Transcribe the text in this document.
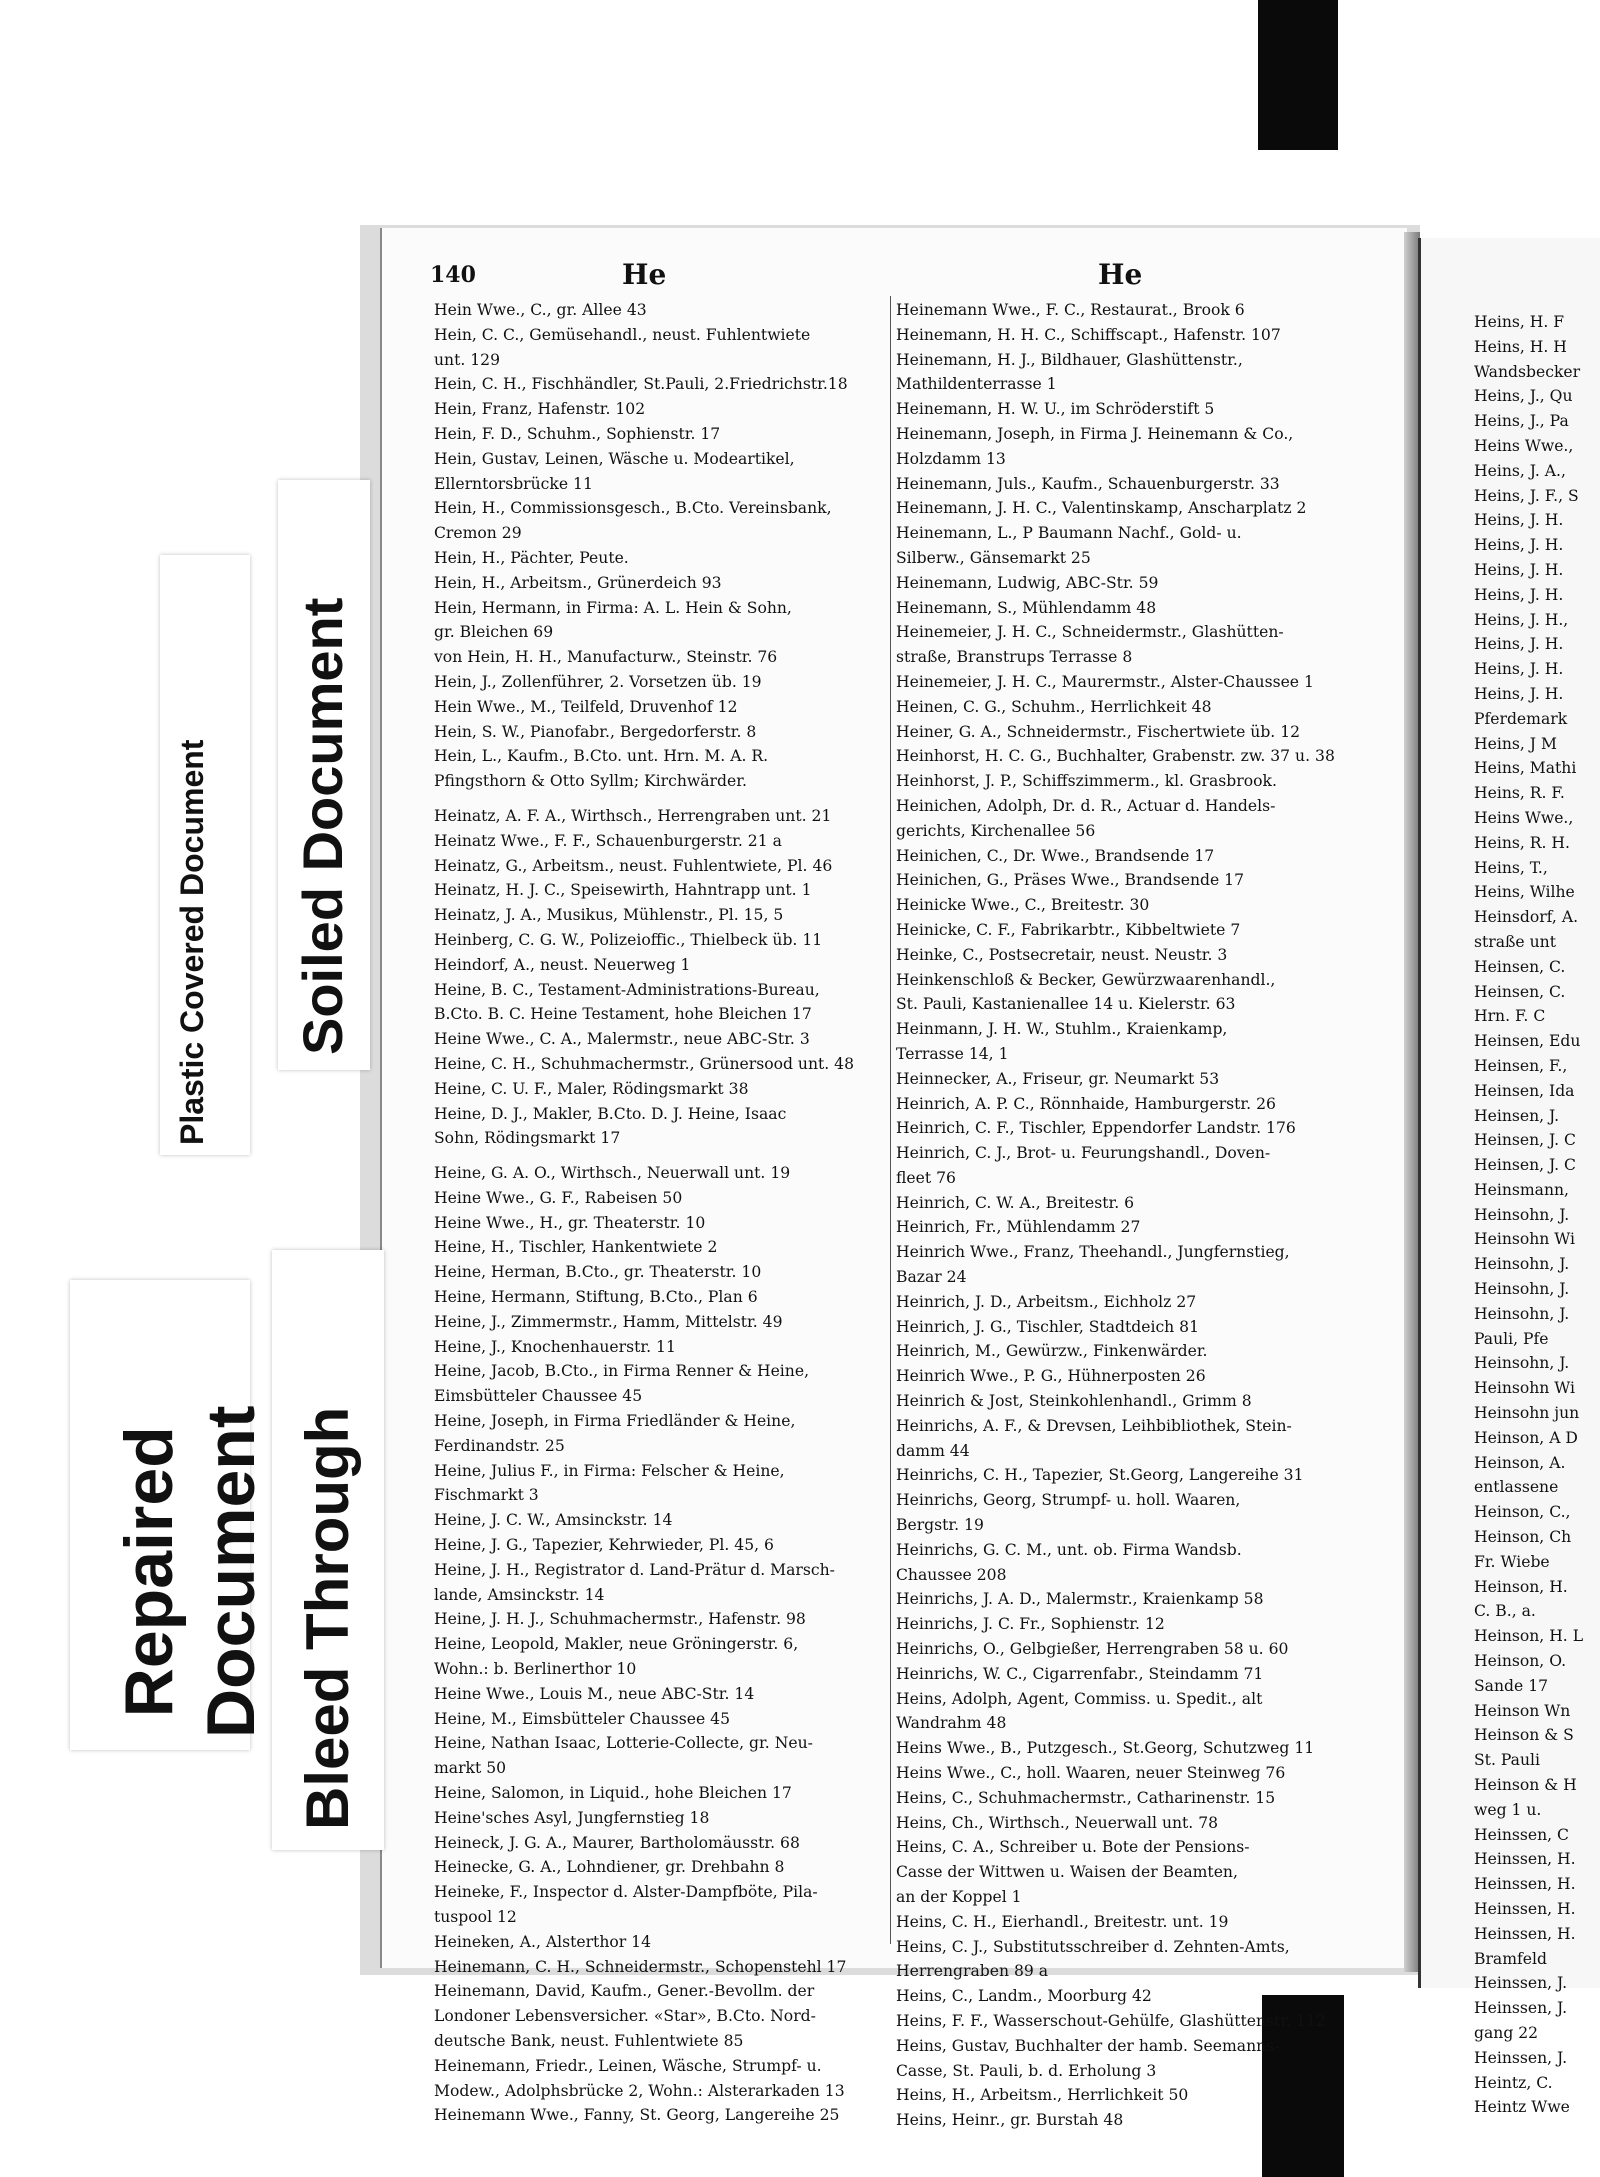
140	He	He
Hein Wwe., C., gr. Allee 43
Hein, C. C., Gemüsehandl., neust. Fuhlentwiete
unt. 129
Hein, C. H., Fischhändler, St.Pauli, 2.Friedrichstr.18
Hein, Franz, Hafenstr. 102
Hein, F. D., Schuhm., Sophienstr. 17
Hein, Gustav, Leinen, Wäsche u. Modeartikel,
Ellerntorsbrücke 11
Hein, H., Commissionsgesch., B.Cto. Vereinsbank,
Cremon 29
Hein, H., Pächter, Peute.
Hein, H., Arbeitsm., Grünerdeich 93
Hein, Hermann, in Firma: A. L. Hein & Sohn,
gr. Bleichen 69
von Hein, H. H., Manufacturw., Steinstr. 76
Hein, J., Zollenführer, 2. Vorsetzen üb. 19
Hein Wwe., M., Teilfeld, Druvenhof 12
Hein, S. W., Pianofabr., Bergedorferstr. 8
Hein, L., Kaufm., B.Cto. unt. Hrn. M. A. R.
Pfingsthorn & Otto Syllm; Kirchwärder.
Heinatz, A. F. A., Wirthsch., Herrengraben unt. 21
Heinatz Wwe., F. F., Schauenburgerstr. 21 a
Heinatz, G., Arbeitsm., neust. Fuhlentwiete, Pl. 46
Heinatz, H. J. C., Speisewirth, Hahntrapp unt. 1
Heinatz, J. A., Musikus, Mühlenstr., Pl. 15, 5
Heinberg, C. G. W., Polizeioffic., Thielbeck üb. 11
Heindorf, A., neust. Neuerweg 1
Heine, B. C., Testament-Administrations-Bureau,
B.Cto. B. C. Heine Testament, hohe Bleichen 17
Heine Wwe., C. A., Malermstr., neue ABC-Str. 3
Heine, C. H., Schuhmachermstr., Grünersood unt. 48
Heine, C. U. F., Maler, Rödingsmarkt 38
Heine, D. J., Makler, B.Cto. D. J. Heine, Isaac
Sohn, Rödingsmarkt 17
Heine, G. A. O., Wirthsch., Neuerwall unt. 19
Heine Wwe., G. F., Rabeisen 50
Heine Wwe., H., gr. Theaterstr. 10
Heine, H., Tischler, Hankentwiete 2
Heine, Herman, B.Cto., gr. Theaterstr. 10
Heine, Hermann, Stiftung, B.Cto., Plan 6
Heine, J., Zimmermstr., Hamm, Mittelstr. 49
Heine, J., Knochenhauerstr. 11
Heine, Jacob, B.Cto., in Firma Renner & Heine,
Eimsbütteler Chaussee 45
Heine, Joseph, in Firma Friedländer & Heine,
Ferdinandstr. 25
Heine, Julius F., in Firma: Felscher & Heine,
Fischmarkt 3
Heine, J. C. W., Amsinckstr. 14
Heine, J. G., Tapezier, Kehrwieder, Pl. 45, 6
Heine, J. H., Registrator d. Land-Prätur d. Marsch-
lande, Amsinckstr. 14
Heine, J. H. J., Schuhmachermstr., Hafenstr. 98
Heine, Leopold, Makler, neue Gröningerstr. 6,
Wohn.: b. Berlinerthor 10
Heine Wwe., Louis M., neue ABC-Str. 14
Heine, M., Eimsbütteler Chaussee 45
Heine, Nathan Isaac, Lotterie-Collecte, gr. Neu-
markt 50
Heine, Salomon, in Liquid., hohe Bleichen 17
Heine'sches Asyl, Jungfernstieg 18
Heineck, J. G. A., Maurer, Bartholomäusstr. 68
Heinecke, G. A., Lohndiener, gr. Drehbahn 8
Heineke, F., Inspector d. Alster-Dampfböte, Pila-
tuspool 12
Heineken, A., Alsterthor 14
Heinemann, C. H., Schneidermstr., Schopenstehl 17
Heinemann, David, Kaufm., Gener.-Bevollm. der
Londoner Lebensversicher. «Star», B.Cto. Nord-
deutsche Bank, neust. Fuhlentwiete 85
Heinemann, Friedr., Leinen, Wäsche, Strumpf- u.
Modew., Adolphsbrücke 2, Wohn.: Alsterarkaden 13
Heinemann Wwe., Fanny, St. Georg, Langereihe 25
Heinemann Wwe., F. C., Restaurat., Brook 6
Heinemann, H. H. C., Schiffscapt., Hafenstr. 107
Heinemann, H. J., Bildhauer, Glashüttenstr.,
Mathildenterrasse 1
Heinemann, H. W. U., im Schröderstift 5
Heinemann, Joseph, in Firma J. Heinemann & Co.,
Holzdamm 13
Heinemann, Juls., Kaufm., Schauenburgerstr. 33
Heinemann, J. H. C., Valentinskamp, Anscharplatz 2
Heinemann, L., P Baumann Nachf., Gold- u.
Silberw., Gänsemarkt 25
Heinemann, Ludwig, ABC-Str. 59
Heinemann, S., Mühlendamm 48
Heinemeier, J. H. C., Schneidermstr., Glashütten-
straße, Branstrups Terrasse 8
Heinemeier, J. H. C., Maurermstr., Alster-Chaussee 1
Heinen, C. G., Schuhm., Herrlichkeit 48
Heiner, G. A., Schneidermstr., Fischertwiete üb. 12
Heinhorst, H. C. G., Buchhalter, Grabenstr. zw. 37 u. 38
Heinhorst, J. P., Schiffszimmerm., kl. Grasbrook.
Heinichen, Adolph, Dr. d. R., Actuar d. Handels-
gerichts, Kirchenallee 56
Heinichen, C., Dr. Wwe., Brandsende 17
Heinichen, G., Präses Wwe., Brandsende 17
Heinicke Wwe., C., Breitestr. 30
Heinicke, C. F., Fabrikarbtr., Kibbeltwiete 7
Heinke, C., Postsecretair, neust. Neustr. 3
Heinkenschloß & Becker, Gewürzwaarenhandl.,
St. Pauli, Kastanienallee 14 u. Kielerstr. 63
Heinmann, J. H. W., Stuhlm., Kraienkamp,
Terrasse 14, 1
Heinnecker, A., Friseur, gr. Neumarkt 53
Heinrich, A. P. C., Rönnhaide, Hamburgerstr. 26
Heinrich, C. F., Tischler, Eppendorfer Landstr. 176
Heinrich, C. J., Brot- u. Feurungshandl., Doven-
fleet 76
Heinrich, C. W. A., Breitestr. 6
Heinrich, Fr., Mühlendamm 27
Heinrich Wwe., Franz, Theehandl., Jungfernstieg,
Bazar 24
Heinrich, J. D., Arbeitsm., Eichholz 27
Heinrich, J. G., Tischler, Stadtdeich 81
Heinrich, M., Gewürzw., Finkenwärder.
Heinrich Wwe., P. G., Hühnerposten 26
Heinrich & Jost, Steinkohlenhandl., Grimm 8
Heinrichs, A. F., & Drevsen, Leihbibliothek, Stein-
damm 44
Heinrichs, C. H., Tapezier, St.Georg, Langereihe 31
Heinrichs, Georg, Strumpf- u. holl. Waaren,
Bergstr. 19
Heinrichs, G. C. M., unt. ob. Firma Wandsb.
Chaussee 208
Heinrichs, J. A. D., Malermstr., Kraienkamp 58
Heinrichs, J. C. Fr., Sophienstr. 12
Heinrichs, O., Gelbgießer, Herrengraben 58 u. 60
Heinrichs, W. C., Cigarrenfabr., Steindamm 71
Heins, Adolph, Agent, Commiss. u. Spedit., alt
Wandrahm 48
Heins Wwe., B., Putzgesch., St.Georg, Schutzweg 11
Heins Wwe., C., holl. Waaren, neuer Steinweg 76
Heins, C., Schuhmachermstr., Catharinenstr. 15
Heins, Ch., Wirthsch., Neuerwall unt. 78
Heins, C. A., Schreiber u. Bote der Pensions-
Casse der Wittwen u. Waisen der Beamten,
an der Koppel 1
Heins, C. H., Eierhandl., Breitestr. unt. 19
Heins, C. J., Substitutsschreiber d. Zehnten-Amts,
Herrengraben 89 a
Heins, C., Landm., Moorburg 42
Heins, F. F., Wasserschout-Gehülfe, Glashüttenstr. 112
Heins, Gustav, Buchhalter der hamb. Seemanns-
Casse, St. Pauli, b. d. Erholung 3
Heins, H., Arbeitsm., Herrlichkeit 50
Heins, Heinr., gr. Burstah 48
Heins, H. F
Heins, H. H
Wandsbecker
Heins, J., Qu
Heins, J., Pa
Heins Wwe.,
Heins, J. A.,
Heins, J. F., S
Heins, J. H.
Heins, J. H.
Heins, J. H.
Heins, J. H.
Heins, J. H.,
Heins, J. H.
Heins, J. H.
Heins, J. H.
Pferdemark
Heins, J M
Heins, Mathi
Heins, R. F.
Heins Wwe.,
Heins, R. H.
Heins, T.,
Heins, Wilhe
Heinsdorf, A.
straße unt
Heinsen, C.
Heinsen, C.
Hrn. F. C
Heinsen, Edu
Heinsen, F.,
Heinsen, Ida
Heinsen, J.
Heinsen, J. C
Heinsen, J. C
Heinsmann,
Heinsohn, J.
Heinsohn Wi
Heinsohn, J.
Heinsohn, J.
Heinsohn, J.
Pauli, Pfe
Heinsohn, J.
Heinsohn Wi
Heinsohn jun
Heinson, A D
Heinson, A.
entlassene
Heinson, C.,
Heinson, Ch
Fr. Wiebe
Heinson, H.
C. B., a.
Heinson, H. L
Heinson, O.
Sande 17
Heinson Wn
Heinson & S
St. Pauli
Heinson & H
weg 1 u.
Heinssen, C
Heinssen, H.
Heinssen, H.
Heinssen, H.
Heinssen, H.
Bramfeld
Heinssen, J.
Heinssen, J.
gang 22
Heinssen, J.
Heintz, C.
Heintz Wwe
Plastic Covered Document Soiled Document
Repaired
Document Bleed Through
